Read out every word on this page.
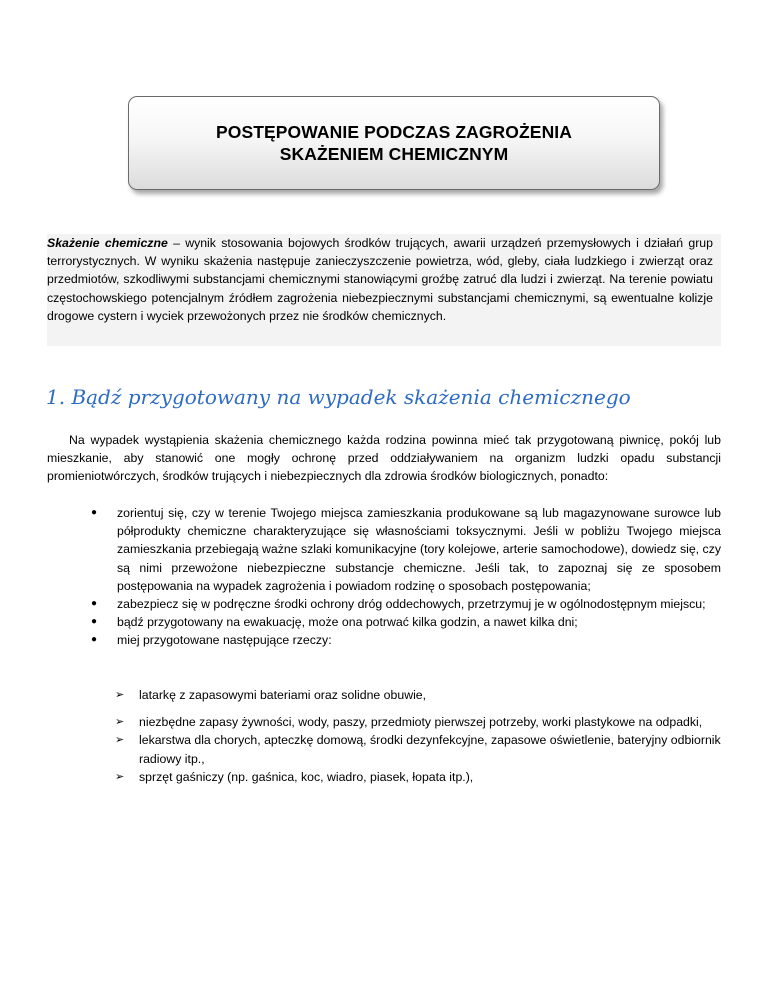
POSTĘPOWANIE PODCZAS ZAGROŻENIA
SKAŻENIEM CHEMICZNYM

Skażenie chemiczne – wynik stosowania bojowych środków trujących, awarii urządzeń przemysłowych i działań grup terrorystycznych. W wyniku skażenia następuje zanieczyszczenie powietrza, wód, gleby, ciała ludzkiego i zwierząt oraz przedmiotów, szkodliwymi substancjami chemicznymi stanowiącymi groźbę zatruć dla ludzi i zwierząt. Na terenie powiatu częstochowskiego potencjalnym źródłem zagrożenia niebezpiecznymi substancjami chemicznymi, są ewentualne kolizje drogowe cystern i wyciek przewożonych przez nie środków chemicznych.

1. Bądź przygotowany na wypadek skażenia chemicznego

Na wypadek wystąpienia skażenia chemicznego każda rodzina powinna mieć tak przygotowaną piwnicę, pokój lub mieszkanie, aby stanowić one mogły ochronę przed oddziaływaniem na organizm ludzki opadu substancji promieniotwórczych, środków trujących i niebezpiecznych dla zdrowia środków biologicznych, ponadto:

●	zorientuj się, czy w terenie Twojego miejsca zamieszkania produkowane są lub magazynowane surowce lub półprodukty chemiczne charakteryzujące się własnościami toksycznymi. Jeśli w pobliżu Twojego miejsca zamieszkania przebiegają ważne szlaki komunikacyjne (tory kolejowe, arterie samochodowe), dowiedz się, czy są nimi przewożone niebezpieczne substancje chemiczne. Jeśli tak, to zapoznaj się ze sposobem postępowania na wypadek zagrożenia i powiadom rodzinę o sposobach postępowania;
●	zabezpiecz się w podręczne środki ochrony dróg oddechowych, przetrzymuj je w ogólnodostępnym miejscu;
●	bądź przygotowany na ewakuację, może ona potrwać kilka godzin, a nawet kilka dni;
●	miej przygotowane następujące rzeczy:
➢	latarkę z zapasowymi bateriami oraz solidne obuwie,
➢	niezbędne zapasy żywności, wody, paszy, przedmioty pierwszej potrzeby, worki plastykowe na odpadki,
➢	lekarstwa dla chorych, apteczkę domową, środki dezynfekcyjne, zapasowe oświetlenie, bateryjny odbiornik radiowy itp.,
➢	sprzęt gaśniczy (np. gaśnica, koc, wiadro, piasek, łopata itp.),
